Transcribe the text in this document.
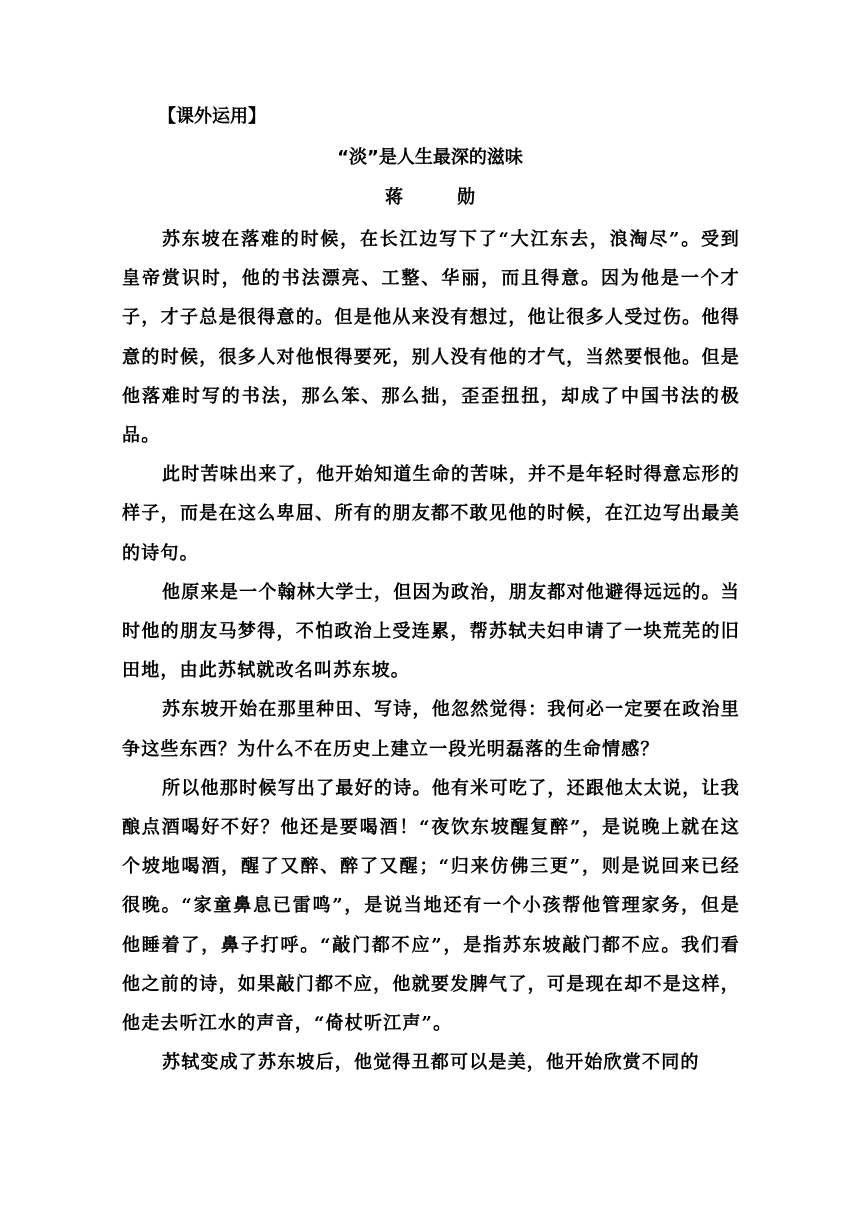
【课外运用】
“淡”是人生最深的滋味
蒋　勋

苏东坡在落难的时候，在长江边写下了“大江东去，浪淘尽”。受到皇帝赏识时，他的书法漂亮、工整、华丽，而且得意。因为他是一个才子，才子总是很得意的。但是他从来没有想过，他让很多人受过伤。他得意的时候，很多人对他恨得要死，别人没有他的才气，当然要恨他。但是他落难时写的书法，那么笨、那么拙，歪歪扭扭，却成了中国书法的极品。

此时苦味出来了，他开始知道生命的苦味，并不是年轻时得意忘形的样子，而是在这么卑屈、所有的朋友都不敢见他的时候，在江边写出最美的诗句。

他原来是一个翰林大学士，但因为政治，朋友都对他避得远远的。当时他的朋友马梦得，不怕政治上受连累，帮苏轼夫妇申请了一块荒芜的旧田地，由此苏轼就改名叫苏东坡。

苏东坡开始在那里种田、写诗，他忽然觉得：我何必一定要在政治里争这些东西？为什么不在历史上建立一段光明磊落的生命情感？

所以他那时候写出了最好的诗。他有米可吃了，还跟他太太说，让我酿点酒喝好不好？他还是要喝酒！“夜饮东坡醒复醉”，是说晚上就在这个坡地喝酒，醒了又醉、醉了又醒；“归来仿佛三更”，则是说回来已经很晚。“家童鼻息已雷鸣”，是说当地还有一个小孩帮他管理家务，但是他睡着了，鼻子打呼。“敲门都不应”，是指苏东坡敲门都不应。我们看他之前的诗，如果敲门都不应，他就要发脾气了，可是现在却不是这样，他走去听江水的声音，“倚杖听江声”。

苏轼变成了苏东坡后，他觉得丑都可以是美，他开始欣赏不同的
